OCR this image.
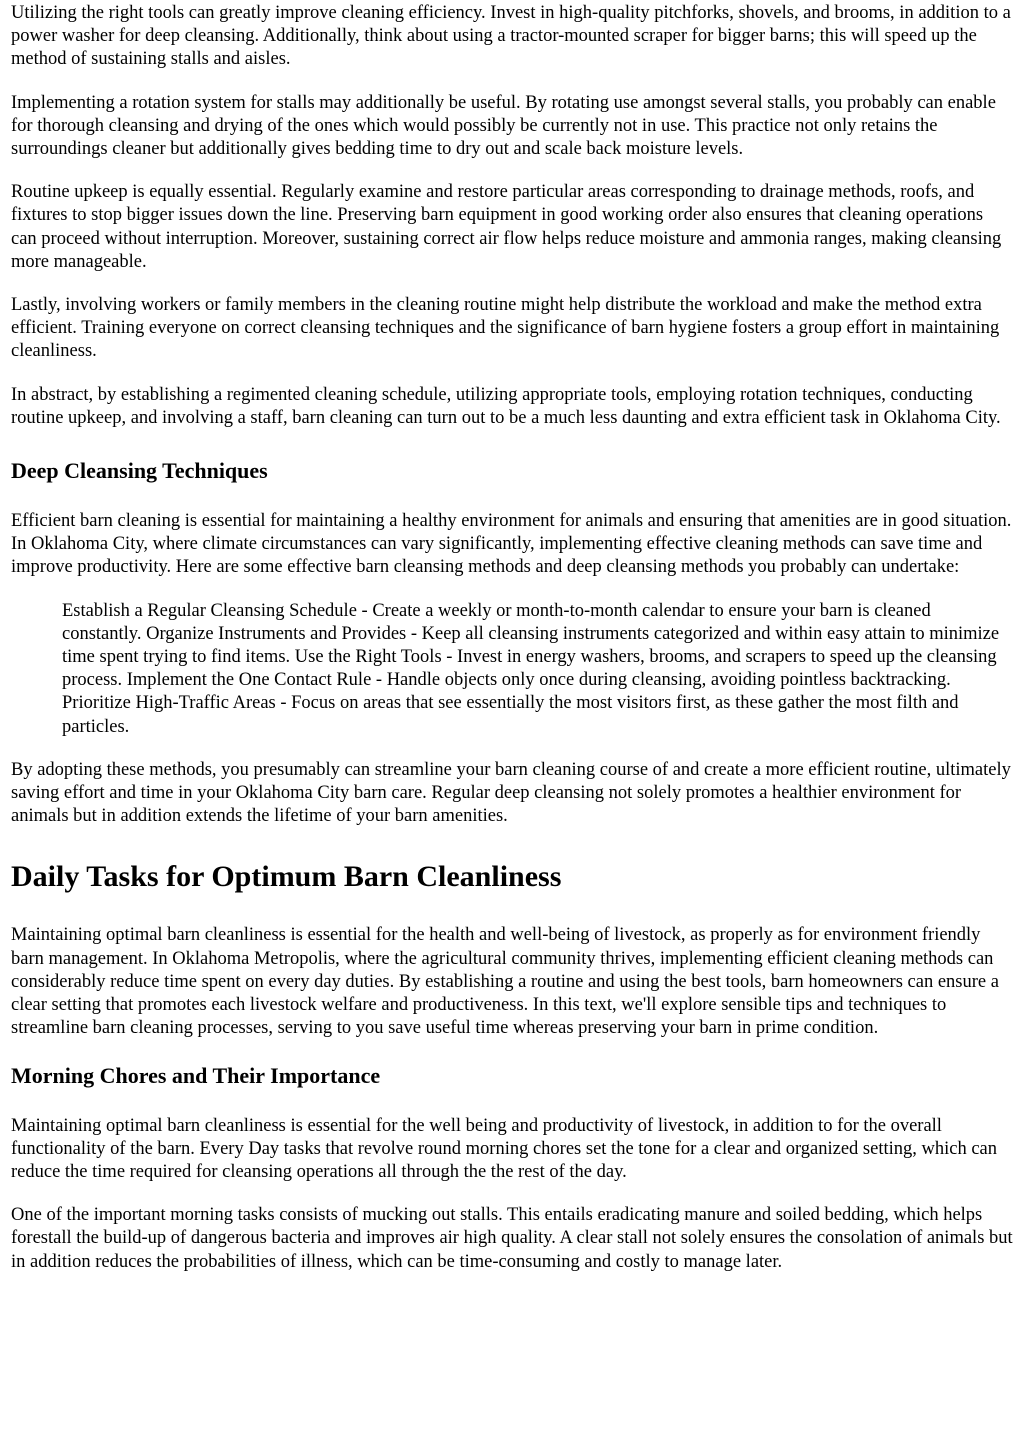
Utilizing the right tools can greatly improve cleaning efficiency. Invest in high-quality pitchforks, shovels, and brooms, in addition to a power washer for deep cleansing. Additionally, think about using a tractor-mounted scraper for bigger barns; this will speed up the method of sustaining stalls and aisles.

Implementing a rotation system for stalls may additionally be useful. By rotating use amongst several stalls, you probably can enable for thorough cleansing and drying of the ones which would possibly be currently not in use. This practice not only retains the surroundings cleaner but additionally gives bedding time to dry out and scale back moisture levels.

Routine upkeep is equally essential. Regularly examine and restore particular areas corresponding to drainage methods, roofs, and fixtures to stop bigger issues down the line. Preserving barn equipment in good working order also ensures that cleaning operations can proceed without interruption. Moreover, sustaining correct air flow helps reduce moisture and ammonia ranges, making cleansing more manageable.

Lastly, involving workers or family members in the cleaning routine might help distribute the workload and make the method extra efficient. Training everyone on correct cleansing techniques and the significance of barn hygiene fosters a group effort in maintaining cleanliness.

In abstract, by establishing a regimented cleaning schedule, utilizing appropriate tools, employing rotation techniques, conducting routine upkeep, and involving a staff, barn cleaning can turn out to be a much less daunting and extra efficient task in Oklahoma City.

Deep Cleansing Techniques

Efficient barn cleaning is essential for maintaining a healthy environment for animals and ensuring that amenities are in good situation. In Oklahoma City, where climate circumstances can vary significantly, implementing effective cleaning methods can save time and improve productivity. Here are some effective barn cleansing methods and deep cleansing methods you probably can undertake:

Establish a Regular Cleansing Schedule - Create a weekly or month-to-month calendar to ensure your barn is cleaned constantly. Organize Instruments and Provides - Keep all cleansing instruments categorized and within easy attain to minimize time spent trying to find items. Use the Right Tools - Invest in energy washers, brooms, and scrapers to speed up the cleansing process. Implement the One Contact Rule - Handle objects only once during cleansing, avoiding pointless backtracking. Prioritize High-Traffic Areas - Focus on areas that see essentially the most visitors first, as these gather the most filth and particles.

By adopting these methods, you presumably can streamline your barn cleaning course of and create a more efficient routine, ultimately saving effort and time in your Oklahoma City barn care. Regular deep cleansing not solely promotes a healthier environment for animals but in addition extends the lifetime of your barn amenities.

Daily Tasks for Optimum Barn Cleanliness

Maintaining optimal barn cleanliness is essential for the health and well-being of livestock, as properly as for environment friendly barn management. In Oklahoma Metropolis, where the agricultural community thrives, implementing efficient cleaning methods can considerably reduce time spent on every day duties. By establishing a routine and using the best tools, barn homeowners can ensure a clear setting that promotes each livestock welfare and productiveness. In this text, we'll explore sensible tips and techniques to streamline barn cleaning processes, serving to you save useful time whereas preserving your barn in prime condition.

Morning Chores and Their Importance

Maintaining optimal barn cleanliness is essential for the well being and productivity of livestock, in addition to for the overall functionality of the barn. Every Day tasks that revolve round morning chores set the tone for a clear and organized setting, which can reduce the time required for cleansing operations all through the the rest of the day.

One of the important morning tasks consists of mucking out stalls. This entails eradicating manure and soiled bedding, which helps forestall the build-up of dangerous bacteria and improves air high quality. A clear stall not solely ensures the consolation of animals but in addition reduces the probabilities of illness, which can be time-consuming and costly to manage later.
